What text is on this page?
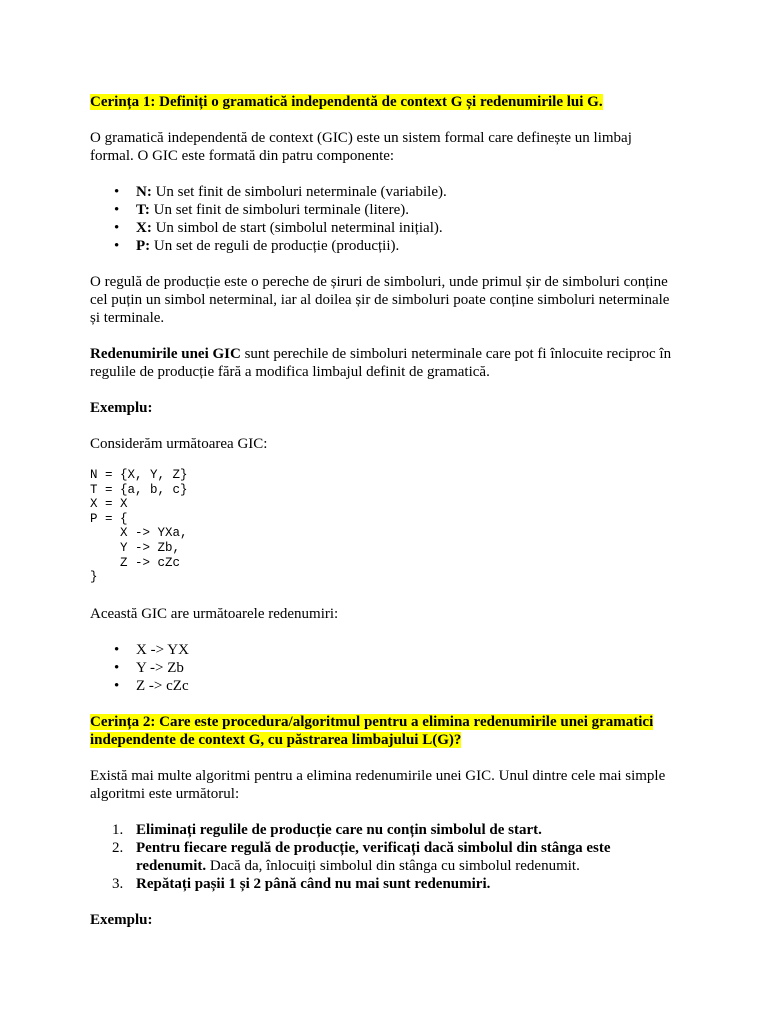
Cerința 1: Definiți o gramatică independentă de context G și redenumirile lui G.

O gramatică independentă de context (GIC) este un sistem formal care definește un limbaj
formal. O GIC este formată din patru componente:

• N: Un set finit de simboluri neterminale (variabile).
• T: Un set finit de simboluri terminale (litere).
• X: Un simbol de start (simbolul neterminal inițial).
• P: Un set de reguli de producție (producții).

O regulă de producție este o pereche de șiruri de simboluri, unde primul șir de simboluri conține
cel puțin un simbol neterminal, iar al doilea șir de simboluri poate conține simboluri neterminale
și terminale.

Redenumirile unei GIC sunt perechile de simboluri neterminale care pot fi înlocuite reciproc în
regulile de producție fără a modifica limbajul definit de gramatică.

Exemplu:

Considerăm următoarea GIC:

N = {X, Y, Z}
T = {a, b, c}
X = X
P = {
X -> YXa,
Y -> Zb,
Z -> cZc
}

Această GIC are următoarele redenumiri:

• X -> YX
• Y -> Zb
• Z -> cZc

Cerința 2: Care este procedura/algoritmul pentru a elimina redenumirile unei gramatici
independente de context G, cu păstrarea limbajului L(G)?

Există mai multe algoritmi pentru a elimina redenumirile unei GIC. Unul dintre cele mai simple
algoritmi este următorul:

1. Eliminați regulile de producție care nu conțin simbolul de start.
2. Pentru fiecare regulă de producție, verificați dacă simbolul din stânga este
redenumit. Dacă da, înlocuiți simbolul din stânga cu simbolul redenumit.
3. Repătați pașii 1 și 2 până când nu mai sunt redenumiri.

Exemplu:
